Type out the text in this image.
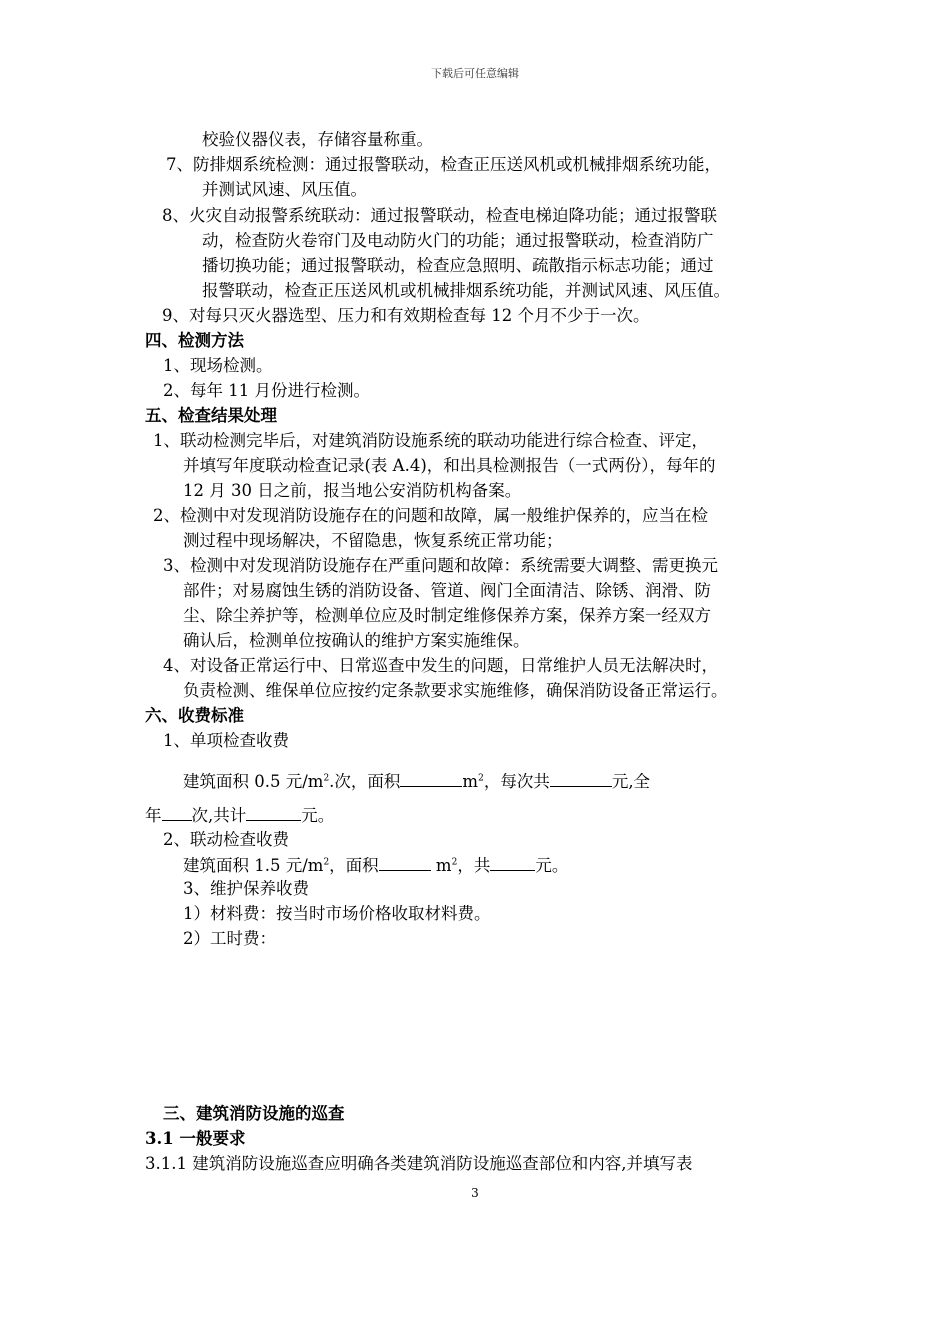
下载后可任意编辑
校验仪器仪表，存储容量称重。
7、防排烟系统检测：通过报警联动，检查正压送风机或机械排烟系统功能，
并测试风速、风压值。
8、火灾自动报警系统联动：通过报警联动，检查电梯迫降功能；通过报警联
动，检查防火卷帘门及电动防火门的功能；通过报警联动，检查消防广
播切换功能；通过报警联动，检查应急照明、疏散指示标志功能；通过
报警联动，检查正压送风机或机械排烟系统功能，并测试风速、风压值。
9、对每只灭火器选型、压力和有效期检查每 12 个月不少于一次。
四、检测方法
1、现场检测。
2、每年 11 月份进行检测。
五、检查结果处理
1、联动检测完毕后，对建筑消防设施系统的联动功能进行综合检查、评定，
并填写年度联动检查记录(表 A.4)，和出具检测报告（一式两份），每年的
12 月 30 日之前，报当地公安消防机构备案。
2、检测中对发现消防设施存在的问题和故障，属一般维护保养的，应当在检
测过程中现场解决，不留隐患，恢复系统正常功能；
3、检测中对发现消防设施存在严重问题和故障：系统需要大调整、需更换元
部件；对易腐蚀生锈的消防设备、管道、阀门全面清洁、除锈、润滑、防
尘、除尘养护等，检测单位应及时制定维修保养方案，保养方案一经双方
确认后，检测单位按确认的维护方案实施维保。
4、对设备正常运行中、日常巡查中发生的问题，日常维护人员无法解决时，
负责检测、维保单位应按约定条款要求实施维修，确保消防设备正常运行。
六、收费标准
1、单项检查收费
建筑面积 0.5 元$/m^2$.次，面积	$m^2$，每次共	元,全
年 次,共计	元。
2、联动检查收费
建筑面积 1.5 元$/m^2$，面积	$m^2$，共	元。
3、维护保养收费
1）材料费：按当时市场价格收取材料费。
2）工时费：
三、建筑消防设施的巡查
3.1 一般要求
3.1.1 建筑消防设施巡查应明确各类建筑消防设施巡查部位和内容,并填写表
3
